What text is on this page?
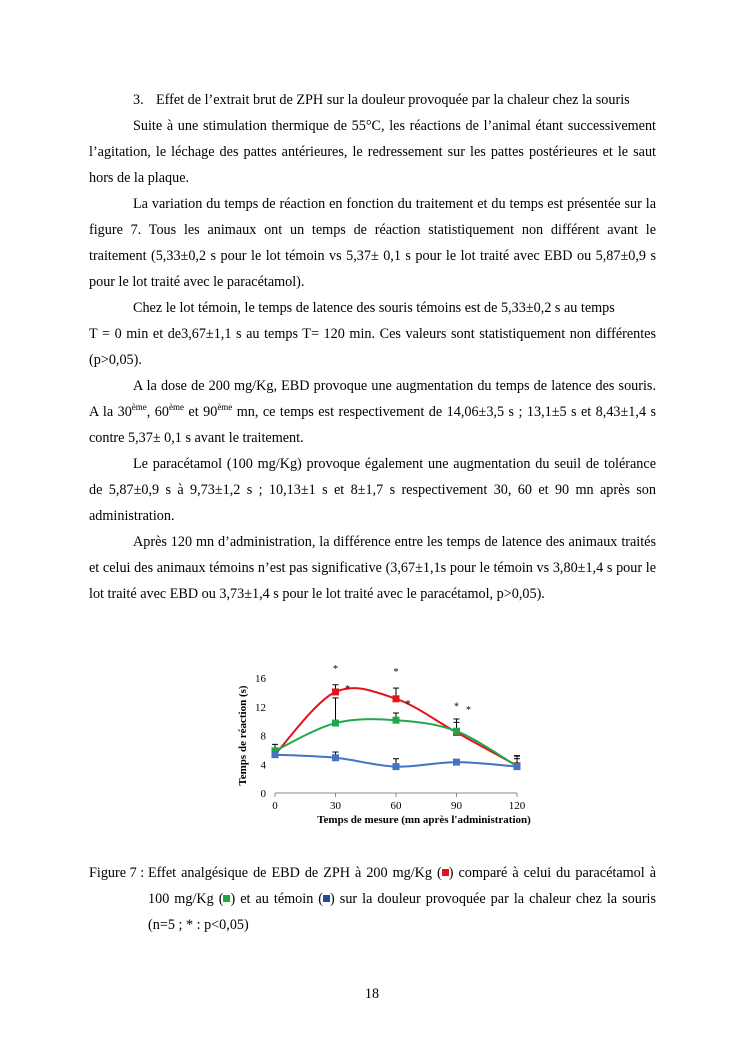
3. Effet de l’extrait brut de ZPH sur la douleur provoquée par la chaleur chez la souris

Suite à une stimulation thermique de 55°C, les réactions de l’animal étant successivement l’agitation, le léchage des pattes antérieures, le redressement sur les pattes postérieures et le saut hors de la plaque.

La variation du temps de réaction en fonction du traitement et du temps est présentée sur la figure 7. Tous les animaux ont un temps de réaction statistiquement non différent avant le traitement (5,33±0,2 s pour le lot témoin vs 5,37± 0,1 s pour le lot traité avec EBD ou 5,87±0,9 s pour le lot traité avec le paracétamol).

Chez le lot témoin, le temps de latence des souris témoins est de 5,33±0,2 s au temps

T = 0 min et de3,67±1,1 s au temps T= 120 min. Ces valeurs sont statistiquement non différentes (p>0,05).

A la dose de 200 mg/Kg, EBD provoque une augmentation du temps de latence des souris. A la 30ème, 60ème et 90ème mn, ce temps est respectivement de 14,06±3,5 s ; 13,1±5 s et 8,43±1,4 s contre 5,37± 0,1 s avant le traitement.

Le paracétamol (100 mg/Kg) provoque également une augmentation du seuil de tolérance de 5,87±0,9 s à 9,73±1,2 s ; 10,13±1 s et 8±1,7 s respectivement 30, 60 et 90 mn après son administration.

Après 120 mn d’administration, la différence entre les temps de latence des animaux traités et celui des animaux témoins n’est pas significative (3,67±1,1s pour le témoin vs 3,80±1,4 s pour le lot traité avec EBD ou 3,73±1,4 s pour le lot traité avec le paracétamol, p>0,05).

0
4
8
12
16
0	30	60	90	120
Temps de mesure (mn après l'administration)
Temps de réaction (s)
*	*
*
*
*
*
Figure 7 : Effet analgésique de EBD de ZPH à 200 mg/Kg ( ) comparé à celui du paracétamol à 100 mg/Kg ( ) et au témoin ( ) sur la douleur provoquée par la chaleur chez la souris (n=5 ; * : p<0,05)
18
